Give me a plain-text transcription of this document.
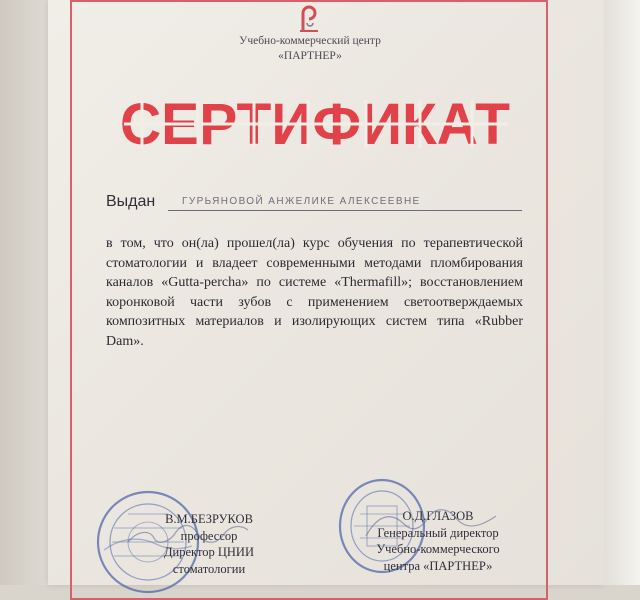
Учебно-коммерческий центр
«ПАРТНЕР»
СЕРТИФИКАТ
Выдан	ГУРЬЯНОВОЙ АНЖЕЛИКЕ АЛЕКСЕЕВНЕ
в том, что он(ла) прошел(ла) курс обучения по терапевтической стоматологии и владеет современными методами пломбирования каналов «Gutta-percha» по системе «Thermafill»; восстановлением коронковой части зубов с применением светоотверждаемых композитных материалов и изолирующих систем типа «Rubber Dam».
В.М.БЕЗРУКОВ
профессор
Директор ЦНИИ
стоматологии
О.Д.ГЛАЗОВ
Генеральный директор
Учебно-коммерческого
центра «ПАРТНЕР»
